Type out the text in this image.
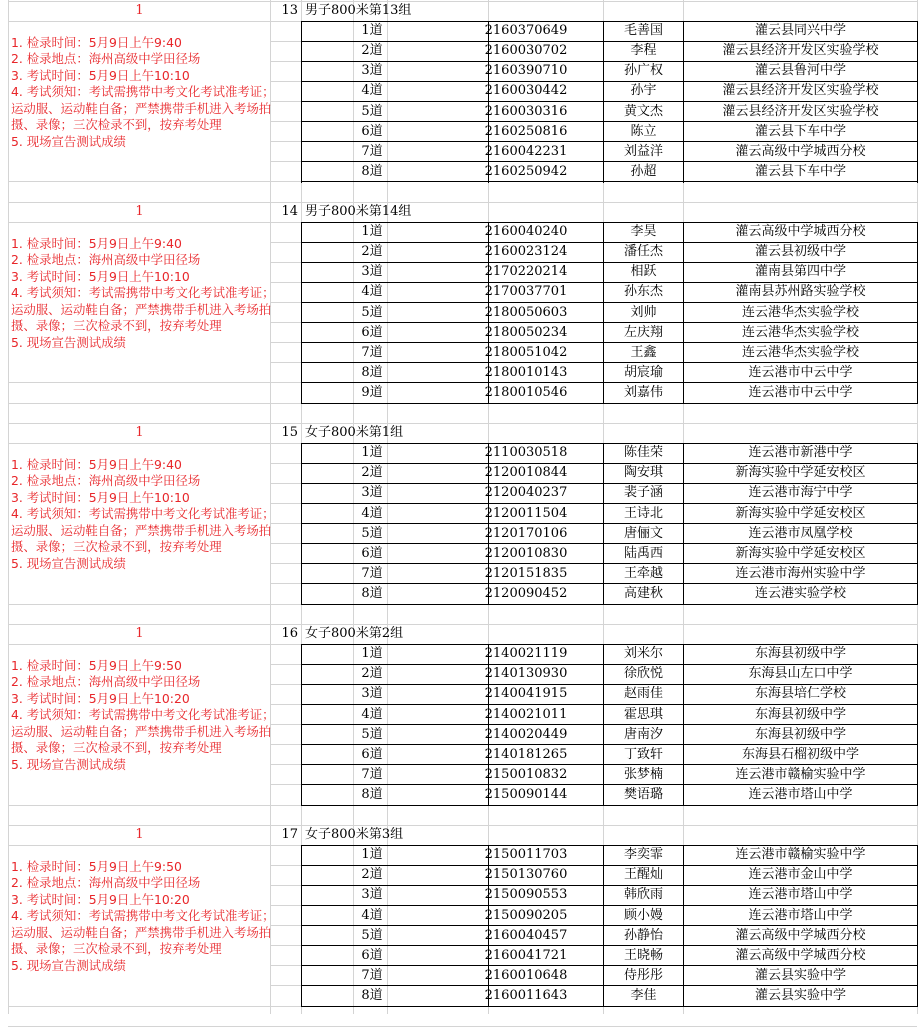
1	13 男子800米第13组
1. 检录时间：5月9日上午9:40
2. 检录地点：海州高级中学田径场
3. 考试时间：5月9日上午10:10
4. 考试须知：考试需携带中考文化考试准考证；运动服、运动鞋自备；严禁携带手机进入考场拍摄、录像；三次检录不到，按弃考处理
5. 现场宣告测试成绩
1道	2160370649	毛善国	灌云县同兴中学
2道	2160030702	李程	灌云县经济开发区实验学校
3道	2160390710	孙广权	灌云县鲁河中学
4道	2160030442	孙宇	灌云县经济开发区实验学校
5道	2160030316	黄文杰	灌云县经济开发区实验学校
6道	2160250816	陈立	灌云县下车中学
7道	2160042231	刘益洋	灌云高级中学城西分校
8道	2160250942	孙超	灌云县下车中学
1	14 男子800米第14组
1. 检录时间：5月9日上午9:40
2. 检录地点：海州高级中学田径场
3. 考试时间：5月9日上午10:10
4. 考试须知：考试需携带中考文化考试准考证；运动服、运动鞋自备；严禁携带手机进入考场拍摄、录像；三次检录不到，按弃考处理
5. 现场宣告测试成绩
1道	2160040240	李昊	灌云高级中学城西分校
2道	2160023124	潘任杰	灌云县初级中学
3道	2170220214	相跃	灌南县第四中学
4道	2170037701	孙东杰	灌南县苏州路实验学校
5道	2180050603	刘帅	连云港华杰实验学校
6道	2180050234	左庆翔	连云港华杰实验学校
7道	2180051042	王鑫	连云港华杰实验学校
8道	2180010143	胡宸瑜	连云港市中云中学
9道	2180010546	刘嘉伟	连云港市中云中学
1	15 女子800米第1组
1. 检录时间：5月9日上午9:40
2. 检录地点：海州高级中学田径场
3. 考试时间：5月9日上午10:10
4. 考试须知：考试需携带中考文化考试准考证；运动服、运动鞋自备；严禁携带手机进入考场拍摄、录像；三次检录不到，按弃考处理
5. 现场宣告测试成绩
1道	2110030518	陈佳荣	连云港市新港中学
2道	2120010844	陶安琪	新海实验中学延安校区
3道	2120040237	裴子涵	连云港市海宁中学
4道	2120011504	王诗北	新海实验中学延安校区
5道	2120170106	唐俪文	连云港市凤凰学校
6道	2120010830	陆禹西	新海实验中学延安校区
7道	2120151835	王牵越	连云港市海州实验中学
8道	2120090452	高建秋	连云港实验学校
1	16 女子800米第2组
1. 检录时间：5月9日上午9:50
2. 检录地点：海州高级中学田径场
3. 考试时间：5月9日上午10:20
4. 考试须知：考试需携带中考文化考试准考证；运动服、运动鞋自备；严禁携带手机进入考场拍摄、录像；三次检录不到，按弃考处理
5. 现场宣告测试成绩
1道	2140021119	刘米尔	东海县初级中学
2道	2140130930	徐欣悦	东海县山左口中学
3道	2140041915	赵雨佳	东海县培仁学校
4道	2140021011	霍思琪	东海县初级中学
5道	2140020449	唐南汐	东海县初级中学
6道	2140181265	丁致轩	东海县石榴初级中学
7道	2150010832	张梦楠	连云港市赣榆实验中学
8道	2150090144	樊语璐	连云港市塔山中学
1	17 女子800米第3组
1. 检录时间：5月9日上午9:50
2. 检录地点：海州高级中学田径场
3. 考试时间：5月9日上午10:20
4. 考试须知：考试需携带中考文化考试准考证；运动服、运动鞋自备；严禁携带手机进入考场拍摄、录像；三次检录不到，按弃考处理
5. 现场宣告测试成绩
1道	2150011703	李奕霏	连云港市赣榆实验中学
2道	2150130760	王醒灿	连云港市金山中学
3道	2150090553	韩欣雨	连云港市塔山中学
4道	2150090205	顾小嫚	连云港市塔山中学
5道	2160040457	孙静怡	灌云高级中学城西分校
6道	2160041721	王晓畅	灌云高级中学城西分校
7道	2160010648	侍彤彤	灌云县实验中学
8道	2160011643	李佳	灌云县实验中学
